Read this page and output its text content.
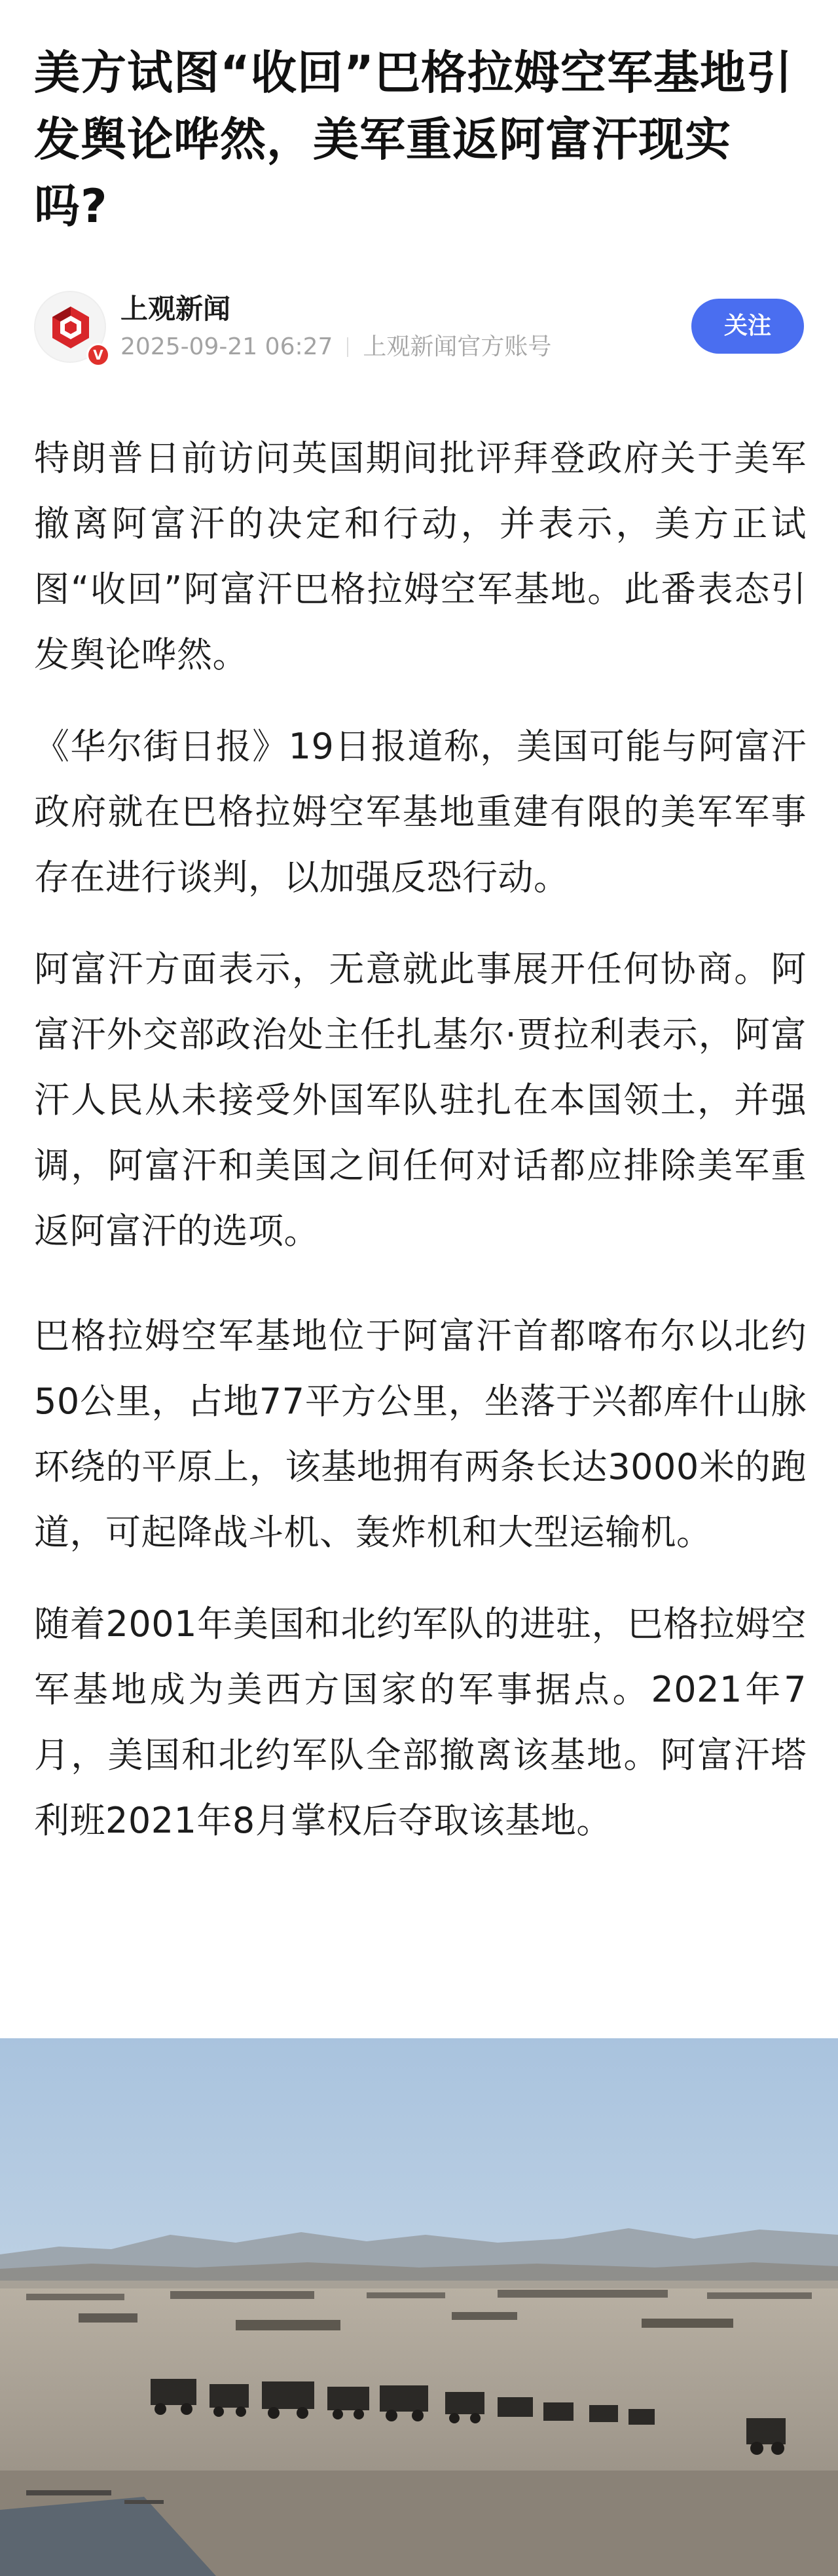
美方试图“收回”巴格拉姆空军基地引发舆论哗然，美军重返阿富汗现实吗?
V
上观新闻
2025-09-21 06:27 上观新闻官方账号
关注

特朗普日前访问英国期间批评拜登政府关于美军撤离阿富汗的决定和行动，并表示，美方正试图“收回”阿富汗巴格拉姆空军基地。此番表态引发舆论哗然。

《华尔街日报》19日报道称，美国可能与阿富汗政府就在巴格拉姆空军基地重建有限的美军军事存在进行谈判，以加强反恐行动。

阿富汗方面表示，无意就此事展开任何协商。阿富汗外交部政治处主任扎基尔·贾拉利表示，阿富汗人民从未接受外国军队驻扎在本国领土，并强调，阿富汗和美国之间任何对话都应排除美军重返阿富汗的选项。

巴格拉姆空军基地位于阿富汗首都喀布尔以北约50公里，占地77平方公里，坐落于兴都库什山脉环绕的平原上，该基地拥有两条长达3000米的跑道，可起降战斗机、轰炸机和大型运输机。

随着2001年美国和北约军队的进驻，巴格拉姆空军基地成为美西方国家的军事据点。2021年7月，美国和北约军队全部撤离该基地。阿富汗塔利班2021年8月掌权后夺取该基地。
